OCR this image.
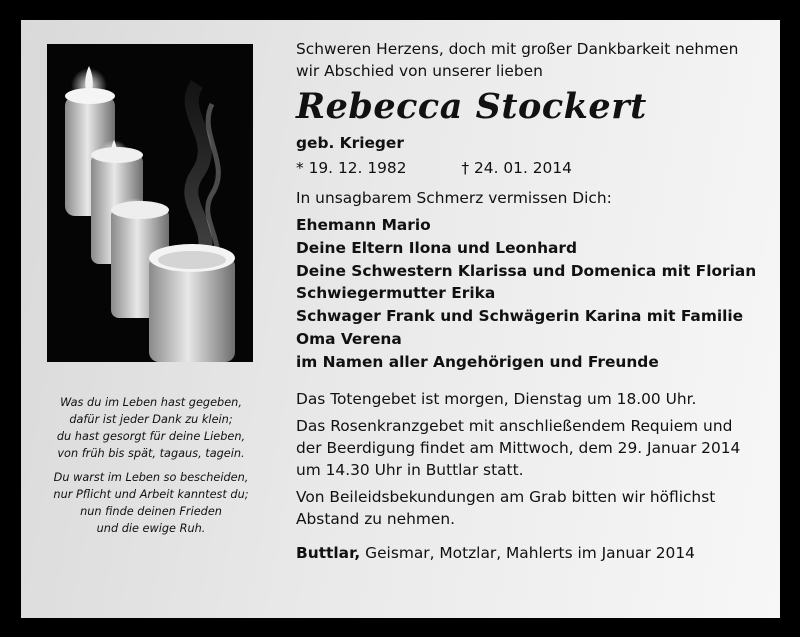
Was du im Leben hast gegeben,
dafür ist jeder Dank zu klein;
du hast gesorgt für deine Lieben,
von früh bis spät, tagaus, tagein.
Du warst im Leben so bescheiden,
nur Pflicht und Arbeit kanntest du;
nun finde deinen Frieden
und die ewige Ruh.
Schweren Herzens, doch mit großer Dankbarkeit nehmen
wir Abschied von unserer lieben
Rebecca Stockert
geb. Krieger
* 19. 12. 1982	† 24. 01. 2014
In unsagbarem Schmerz vermissen Dich:
Ehemann Mario
Deine Eltern Ilona und Leonhard
Deine Schwestern Klarissa und Domenica mit Florian
Schwiegermutter Erika
Schwager Frank und Schwägerin Karina mit Familie
Oma Verena
im Namen aller Angehörigen und Freunde
Das Totengebet ist morgen, Dienstag um 18.00 Uhr.
Das Rosenkranzgebet mit anschließendem Requiem und
der Beerdigung findet am Mittwoch, dem 29. Januar 2014
um 14.30 Uhr in Buttlar statt.
Von Beileidsbekundungen am Grab bitten wir höflichst
Abstand zu nehmen.
Buttlar, Geismar, Motzlar, Mahlerts im Januar 2014
